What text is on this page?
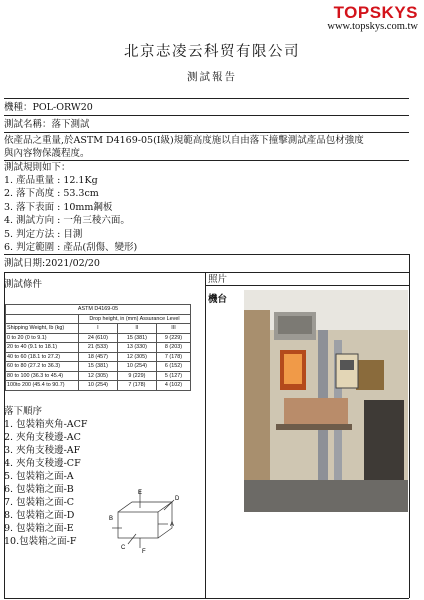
TOPSKYS
www.topskys.com.tw
北京志凌云科贸有限公司
测試報告
機種：POL-ORW20
測試名稱：落下測試
依產品之重量,於ASTM D4169-05(I級)規範高度施以自由落下撞擊測試產品包材強度
與內容物保護程度。
測試規則如下：
1. 產品重量 : 12.1Kg
2. 落下高度 : 53.3cm
3. 落下表面 : 10mm鋼板
4. 測試方向 : 一角三稜六面。
5. 判定方法 : 目測
6. 判定範圍 : 產品(刮傷、變形)
測試日期:2021/02/20
測試條件	照片
機台
ASTM D4169-05			
	Drop height, in (mm) Assurance Level		
Shipping Weight, lb (kg)	I	II	III
0 to 20 (0 to 9.1)	24 (610)	15 (381)	9 (229)
20 to 40 (9.1 to 18.1)	21 (533)	13 (330)	8 (203)
40 to 60 (18.1 to 27.2)	18 (457)	12 (305)	7 (178)
60 to 80 (27.2 to 36.3)	15 (381)	10 (254)	6 (152)
80 to 100 (36.3 to 45.4)	12 (305)	9 (229)	5 (127)
100to 200 (45.4 to 90.7)	10 (254)	7 (178)	4 (102)
落下順序
1. 包裝箱夾角-ACF
2. 夾角支稜邊-AC
3. 夾角支稜邊-AF
4. 夾角支稜邊-CF
5. 包裝箱之面-A
6. 包裝箱之面-B
7. 包裝箱之面-C
8. 包裝箱之面-D
9. 包裝箱之面-E
10.包裝箱之面-F
E
D
A
B
C
F
